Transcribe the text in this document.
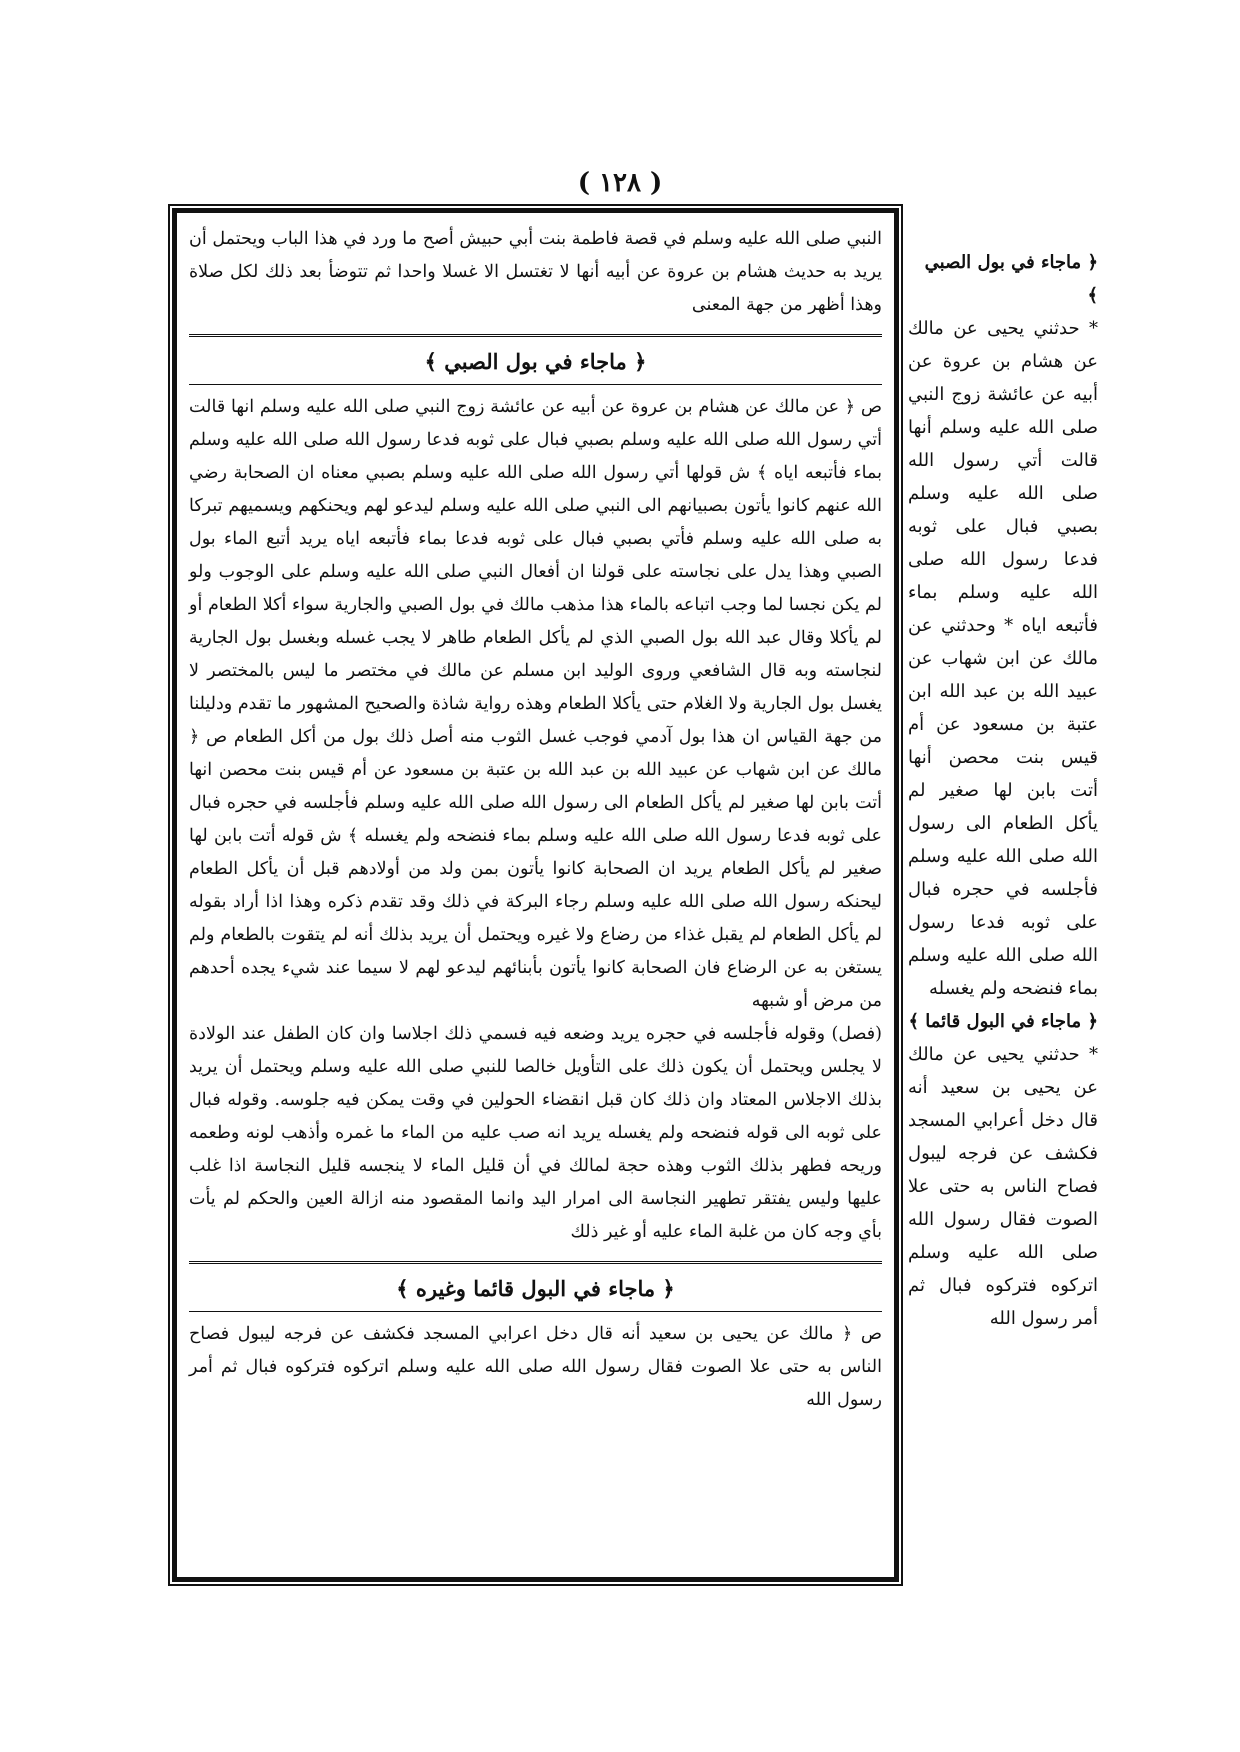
( ١٢٨ )
النبي صلى الله عليه وسلم في قصة فاطمة بنت أبي حبيش أصح ما ورد في هذا الباب ويحتمل أن يريد به حديث هشام بن عروة عن أبيه أنها لا تغتسل الا غسلا واحدا ثم تتوضأ بعد ذلك لكل صلاة وهذا أظهر من جهة المعنى
﴿ ماجاء في بول الصبي ﴾
ص ﴿ عن مالك عن هشام بن عروة عن أبيه عن عائشة زوج النبي صلى الله عليه وسلم انها قالت أتي رسول الله صلى الله عليه وسلم بصبي فبال على ثوبه فدعا رسول الله صلى الله عليه وسلم بماء فأتبعه اياه ﴾ ش قولها أتي رسول الله صلى الله عليه وسلم بصبي معناه ان الصحابة رضي الله عنهم كانوا يأتون بصبيانهم الى النبي صلى الله عليه وسلم ليدعو لهم ويحنكهم ويسميهم تبركا به صلى الله عليه وسلم فأتي بصبي فبال على ثوبه فدعا بماء فأتبعه اياه يريد أتبع الماء بول الصبي وهذا يدل على نجاسته على قولنا ان أفعال النبي صلى الله عليه وسلم على الوجوب ولو لم يكن نجسا لما وجب اتباعه بالماء هذا مذهب مالك في بول الصبي والجارية سواء أكلا الطعام أو لم يأكلا وقال عبد الله بول الصبي الذي لم يأكل الطعام طاهر لا يجب غسله وبغسل بول الجارية لنجاسته وبه قال الشافعي وروى الوليد ابن مسلم عن مالك في مختصر ما ليس بالمختصر لا يغسل بول الجارية ولا الغلام حتى يأكلا الطعام وهذه رواية شاذة والصحيح المشهور ما تقدم ودليلنا من جهة القياس ان هذا بول آدمي فوجب غسل الثوب منه أصل ذلك بول من أكل الطعام ص ﴿ مالك عن ابن شهاب عن عبيد الله بن عبد الله بن عتبة بن مسعود عن أم قيس بنت محصن انها أتت بابن لها صغير لم يأكل الطعام الى رسول الله صلى الله عليه وسلم فأجلسه في حجره فبال على ثوبه فدعا رسول الله صلى الله عليه وسلم بماء فنضحه ولم يغسله ﴾ ش قوله أتت بابن لها صغير لم يأكل الطعام يريد ان الصحابة كانوا يأتون بمن ولد من أولادهم قبل أن يأكل الطعام ليحنكه رسول الله صلى الله عليه وسلم رجاء البركة في ذلك وقد تقدم ذكره وهذا اذا أراد بقوله لم يأكل الطعام لم يقبل غذاء من رضاع ولا غيره ويحتمل أن يريد بذلك أنه لم يتقوت بالطعام ولم يستغن به عن الرضاع فان الصحابة كانوا يأتون بأبنائهم ليدعو لهم لا سيما عند شيء يجده أحدهم من مرض أو شبهه
(فصل) وقوله فأجلسه في حجره يريد وضعه فيه فسمي ذلك اجلاسا وان كان الطفل عند الولادة لا يجلس ويحتمل أن يكون ذلك على التأويل خالصا للنبي صلى الله عليه وسلم ويحتمل أن يريد بذلك الاجلاس المعتاد وان ذلك كان قبل انقضاء الحولين في وقت يمكن فيه جلوسه. وقوله فبال على ثوبه الى قوله فنضحه ولم يغسله يريد انه صب عليه من الماء ما غمره وأذهب لونه وطعمه وريحه فطهر بذلك الثوب وهذه حجة لمالك في أن قليل الماء لا ينجسه قليل النجاسة اذا غلب عليها وليس يفتقر تطهير النجاسة الى امرار اليد وانما المقصود منه ازالة العين والحكم لم يأت بأي وجه كان من غلبة الماء عليه أو غير ذلك
﴿ ماجاء في البول قائما وغيره ﴾
ص ﴿ مالك عن يحيى بن سعيد أنه قال دخل اعرابي المسجد فكشف عن فرجه ليبول فصاح الناس به حتى علا الصوت فقال رسول الله صلى الله عليه وسلم اتركوه فتركوه فبال ثم أمر رسول الله
﴿ ماجاء في بول الصبي ﴾
* حدثني يحيى عن مالك عن هشام بن عروة عن أبيه عن عائشة زوج النبي صلى الله عليه وسلم أنها قالت أتي رسول الله صلى الله عليه وسلم بصبي فبال على ثوبه فدعا رسول الله صلى الله عليه وسلم بماء فأتبعه اياه * وحدثني عن مالك عن ابن شهاب عن عبيد الله بن عبد الله ابن عتبة بن مسعود عن أم قيس بنت محصن أنها أتت بابن لها صغير لم يأكل الطعام الى رسول الله صلى الله عليه وسلم فأجلسه في حجره فبال على ثوبه فدعا رسول الله صلى الله عليه وسلم بماء فنضحه ولم يغسله
﴿ ماجاء في البول قائما ﴾
* حدثني يحيى عن مالك عن يحيى بن سعيد أنه قال دخل أعرابي المسجد فكشف عن فرجه ليبول فصاح الناس به حتى علا الصوت فقال رسول الله صلى الله عليه وسلم اتركوه فتركوه فبال ثم أمر رسول الله
